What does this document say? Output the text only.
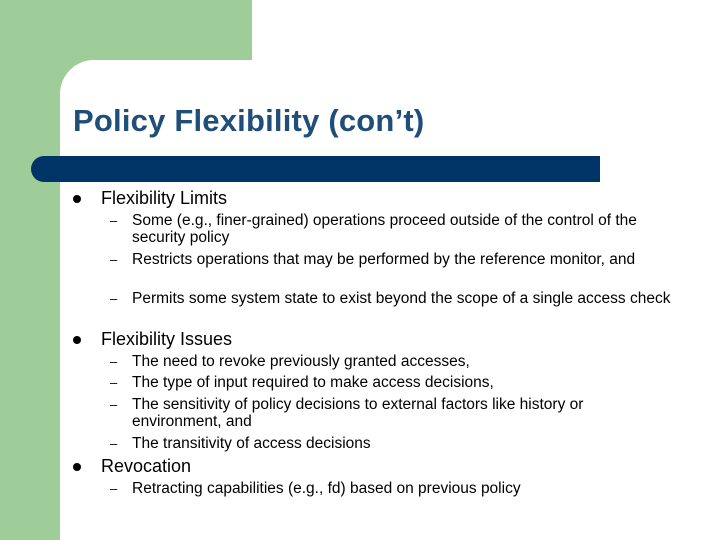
Policy Flexibility (con’t)
Flexibility Limits
– Some (e.g., finer-grained) operations proceed outside of the control of the security policy
– Restricts operations that may be performed by the reference monitor, and
– Permits some system state to exist beyond the scope of a single access check
Flexibility Issues
– The need to revoke previously granted accesses,
– The type of input required to make access decisions,
– The sensitivity of policy decisions to external factors like history or environment, and
– The transitivity of access decisions
Revocation
– Retracting capabilities (e.g., fd) based on previous policy
